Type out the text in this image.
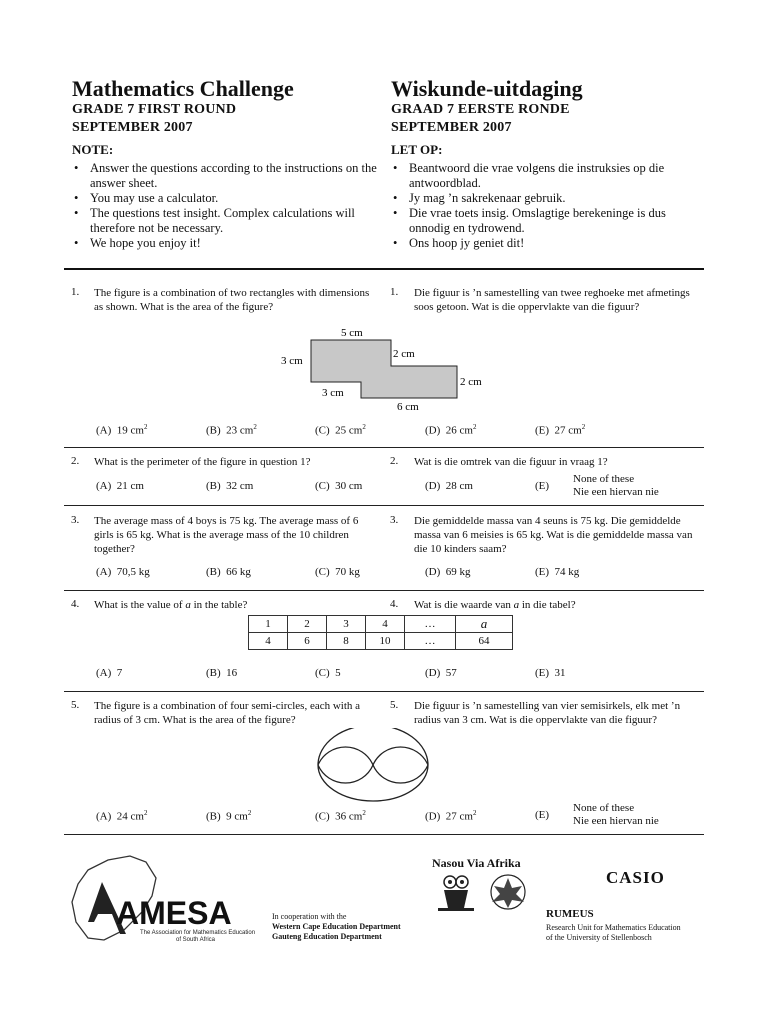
Mathematics Challenge
GRADE 7 FIRST ROUND
SEPTEMBER 2007
NOTE:
• Answer the questions according to the instructions on the answer sheet.
• You may use a calculator.
• The questions test insight. Complex calculations will therefore not be necessary.
• We hope you enjoy it!
Wiskunde-uitdaging
GRAAD 7 EERSTE RONDE
SEPTEMBER 2007
LET OP:
• Beantwoord die vrae volgens die instruksies op die antwoordblad.
• Jy mag ’n sakrekenaar gebruik.
• Die vrae toets insig. Omslagtige berekeninge is dus onnodig en tydrowend.
• Ons hoop jy geniet dit!
1. The figure is a combination of two rectangles with dimensions as shown. What is the area of the figure?
1. Die figuur is ’n samestelling van twee reghoeke met afmetings soos getoon. Wat is die oppervlakte van die figuur?
5 cm
3 cm
2 cm
2 cm
3 cm
6 cm
(A) 19 $cm^2$	(B) 23 $cm^2$	(C) 25 $cm^2$	(D) 26 $cm^2$	(E) 27 $cm^2$
2. What is the perimeter of the figure in question 1?	2. Wat is die omtrek van die figuur in vraag 1?
(A) 21 cm	(B) 32 cm	(C) 30 cm	(D) 28 cm	(E)
None of these
Nie een hiervan nie
3. The average mass of 4 boys is 75 kg. The average mass of 6 girls is 65 kg. What is the average mass of the 10 children together?
3. Die gemiddelde massa van 4 seuns is 75 kg. Die gemiddelde massa van 6 meisies is 65 kg. Wat is die gemiddelde massa van die 10 kinders saam?
(A) 70,5 kg	(B) 66 kg	(C) 70 kg	(D) 69 kg	(E) 74 kg
4. What is the value of a in the table?	4. Wat is die waarde van a in die tabel?
1	2	3	4	…	a
4	6	8	10	…	64
(A) 7	(B) 16	(C) 5	(D) 57	(E) 31
5. The figure is a combination of four semi-circles, each with a radius of 3 cm. What is the area of the figure?
5. Die figuur is ’n samestelling van vier semisirkels, elk met ’n radius van 3 cm. Wat is die oppervlakte van die figuur?
(A) 24 $cm^2$	(B) 9 $cm^2$	(C) 36 $cm^2$	(D) 27 $cm^2$	(E)
None of these
Nie een hiervan nie
AMESA
The Association for Mathematics Education
of South Africa
In cooperation with the
Western Cape Education Department
Gauteng Education Department
Nasou Via Afrika
CASIO
RUMEUS
Research Unit for Mathematics Education
of the University of Stellenbosch
